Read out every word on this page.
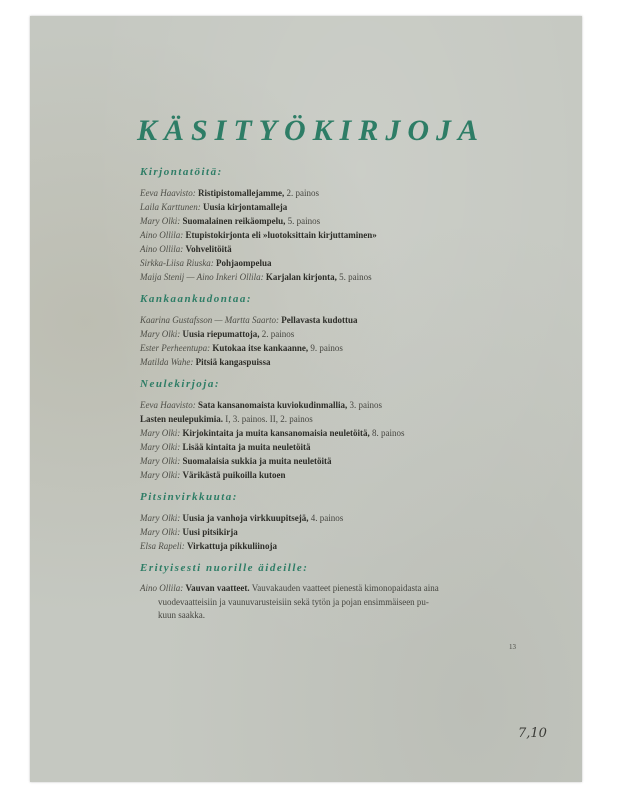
KÄSITYÖKIRJOJA
Kirjontatöitä:
Eeva Haavisto: Ristipistomallejamme, 2. painos
Laila Karttunen: Uusia kirjontamalleja
Mary Olki: Suomalainen reikäompelu, 5. painos
Aino Ollila: Etupistokirjonta eli »luotoksittain kirjuttaminen»
Aino Ollila: Vohvelitöitä
Sirkka-Liisa Riuska: Pohjaompelua
Maija Stenij — Aino Inkeri Ollila: Karjalan kirjonta, 5. painos
Kankaankudontaa:
Kaarina Gustafsson — Martta Saarto: Pellavasta kudottua
Mary Olki: Uusia riepumattoja, 2. painos
Ester Perheentupa: Kutokaa itse kankaanne, 9. painos
Matilda Wahe: Pitsiä kangaspuissa
Neulekirjoja:
Eeva Haavisto: Sata kansanomaista kuviokudinmallia, 3. painos
Lasten neulepukimia. I, 3. painos. II, 2. painos
Mary Olki: Kirjokintaita ja muita kansanomaisia neuletöitä, 8. painos
Mary Olki: Lisää kintaita ja muita neuletöitä
Mary Olki: Suomalaisia sukkia ja muita neuletöitä
Mary Olki: Värikästä puikoilla kutoen
Pitsinvirkkuuta:
Mary Olki: Uusia ja vanhoja virkkuupitsejä, 4. painos
Mary Olki: Uusi pitsikirja
Elsa Rapeli: Virkattuja pikkuliinoja
Erityisesti nuorille äideille:
Aino Ollila: Vauvan vaatteet. Vauvakauden vaatteet pienestä kimonopaidasta aina
vuodevaatteisiin ja vaunuvarusteisiin sekä tytön ja pojan ensimmäiseen pu-
kuun saakka.
13
7,10
